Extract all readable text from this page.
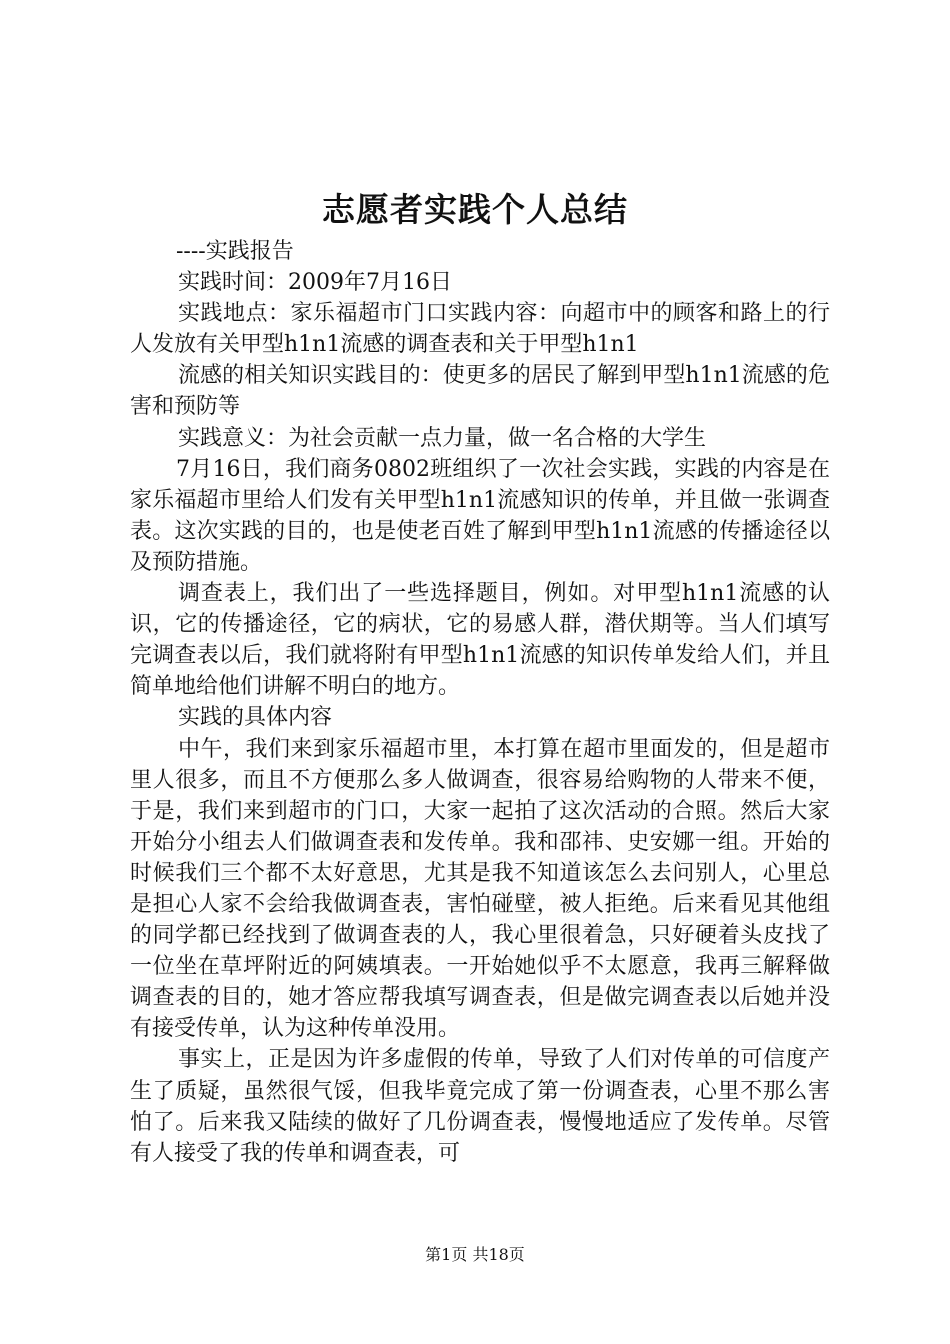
志愿者实践个人总结

----实践报告

实践时间：2009年7月16日

实践地点：家乐福超市门口实践内容：向超市中的顾客和路上的行人发放有关甲型h1n1流感的调查表和关于甲型h1n1

流感的相关知识实践目的：使更多的居民了解到甲型h1n1流感的危害和预防等

实践意义：为社会贡献一点力量，做一名合格的大学生

7月16日，我们商务0802班组织了一次社会实践，实践的内容是在家乐福超市里给人们发有关甲型h1n1流感知识的传单，并且做一张调查表。这次实践的目的，也是使老百姓了解到甲型h1n1流感的传播途径以及预防措施。

调查表上，我们出了一些选择题目，例如。对甲型h1n1流感的认识，它的传播途径，它的病状，它的易感人群，潜伏期等。当人们填写完调查表以后，我们就将附有甲型h1n1流感的知识传单发给人们，并且简单地给他们讲解不明白的地方。

实践的具体内容

中午，我们来到家乐福超市里，本打算在超市里面发的，但是超市里人很多，而且不方便那么多人做调查，很容易给购物的人带来不便，于是，我们来到超市的门口，大家一起拍了这次活动的合照。然后大家开始分小组去人们做调查表和发传单。我和邵祎、史安娜一组。开始的时候我们三个都不太好意思，尤其是我不知道该怎么去问别人，心里总是担心人家不会给我做调查表，害怕碰壁，被人拒绝。后来看见其他组的同学都已经找到了做调查表的人，我心里很着急，只好硬着头皮找了一位坐在草坪附近的阿姨填表。一开始她似乎不太愿意，我再三解释做调查表的目的，她才答应帮我填写调查表，但是做完调查表以后她并没有接受传单，认为这种传单没用。

事实上，正是因为许多虚假的传单，导致了人们对传单的可信度产生了质疑，虽然很气馁，但我毕竟完成了第一份调查表，心里不那么害怕了。后来我又陆续的做好了几份调查表，慢慢地适应了发传单。尽管有人接受了我的传单和调查表，可

第1页 共18页
